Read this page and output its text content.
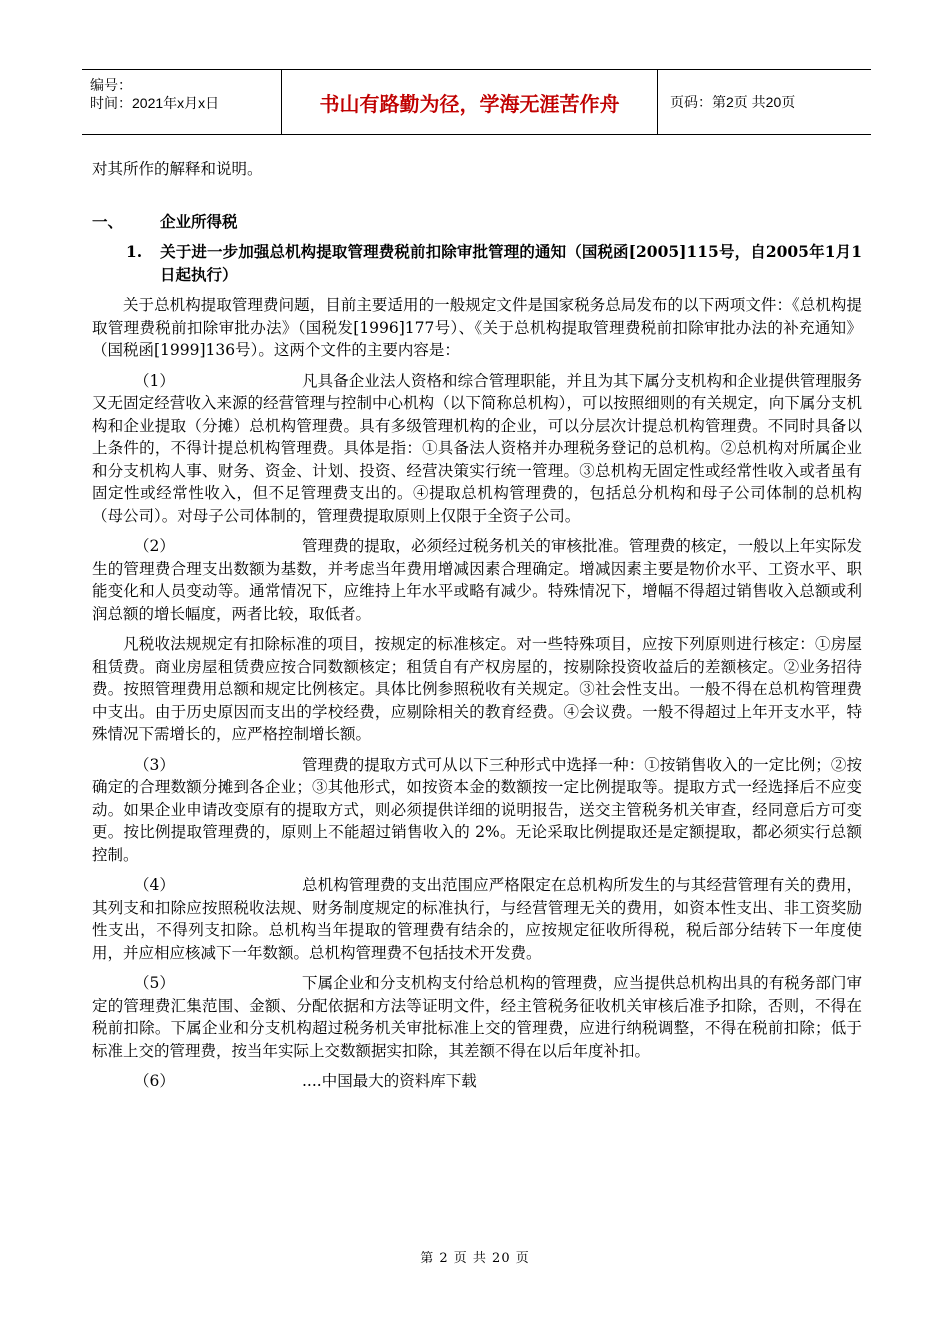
编号：
时间：2021年x月x日	书山有路勤为径，学海无涯苦作舟	页码：第2页 共20页

对其所作的解释和说明。

一、 企业所得税

1. 关于进一步加强总机构提取管理费税前扣除审批管理的通知（国税函[2005]115号，自2005年1月1日起执行）

关于总机构提取管理费问题，目前主要适用的一般规定文件是国家税务总局发布的以下两项文件：《总机构提取管理费税前扣除审批办法》（国税发[1996]177号）、《关于总机构提取管理费税前扣除审批办法的补充通知》（国税函[1999]136号）。这两个文件的主要内容是：

（1）	凡具备企业法人资格和综合管理职能，并且为其下属分支机构和企业提供管理服务又无固定经营收入来源的经营管理与控制中心机构（以下简称总机构），可以按照细则的有关规定，向下属分支机构和企业提取（分摊）总机构管理费。具有多级管理机构的企业，可以分层次计提总机构管理费。不同时具备以上条件的，不得计提总机构管理费。具体是指：①具备法人资格并办理税务登记的总机构。②总机构对所属企业和分支机构人事、财务、资金、计划、投资、经营决策实行统一管理。③总机构无固定性或经常性收入或者虽有固定性或经常性收入，但不足管理费支出的。④提取总机构管理费的，包括总分机构和母子公司体制的总机构（母公司）。对母子公司体制的，管理费提取原则上仅限于全资子公司。

（2）	管理费的提取，必须经过税务机关的审核批准。管理费的核定，一般以上年实际发生的管理费合理支出数额为基数，并考虑当年费用增减因素合理确定。增减因素主要是物价水平、工资水平、职能变化和人员变动等。通常情况下，应维持上年水平或略有减少。特殊情况下，增幅不得超过销售收入总额或利润总额的增长幅度，两者比较，取低者。

凡税收法规规定有扣除标准的项目，按规定的标准核定。对一些特殊项目，应按下列原则进行核定：①房屋租赁费。商业房屋租赁费应按合同数额核定；租赁自有产权房屋的，按剔除投资收益后的差额核定。②业务招待费。按照管理费用总额和规定比例核定。具体比例参照税收有关规定。③社会性支出。一般不得在总机构管理费中支出。由于历史原因而支出的学校经费，应剔除相关的教育经费。④会议费。一般不得超过上年开支水平，特殊情况下需增长的，应严格控制增长额。

（3）	管理费的提取方式可从以下三种形式中选择一种：①按销售收入的一定比例；②按确定的合理数额分摊到各企业；③其他形式，如按资本金的数额按一定比例提取等。提取方式一经选择后不应变动。如果企业申请改变原有的提取方式，则必须提供详细的说明报告，送交主管税务机关审查，经同意后方可变更。按比例提取管理费的，原则上不能超过销售收入的 2%。无论采取比例提取还是定额提取，都必须实行总额控制。

（4）	总机构管理费的支出范围应严格限定在总机构所发生的与其经营管理有关的费用，其列支和扣除应按照税收法规、财务制度规定的标准执行，与经营管理无关的费用，如资本性支出、非工资奖励性支出，不得列支扣除。总机构当年提取的管理费有结余的，应按规定征收所得税，税后部分结转下一年度使用，并应相应核减下一年数额。总机构管理费不包括技术开发费。

（5）	下属企业和分支机构支付给总机构的管理费，应当提供总机构出具的有税务部门审定的管理费汇集范围、金额、分配依据和方法等证明文件，经主管税务征收机关审核后准予扣除，否则，不得在税前扣除。下属企业和分支机构超过税务机关审批标准上交的管理费，应进行纳税调整，不得在税前扣除；低于标准上交的管理费，按当年实际上交数额据实扣除，其差额不得在以后年度补扣。

（6）	....中国最大的资料库下载

第 2 页 共 20 页
